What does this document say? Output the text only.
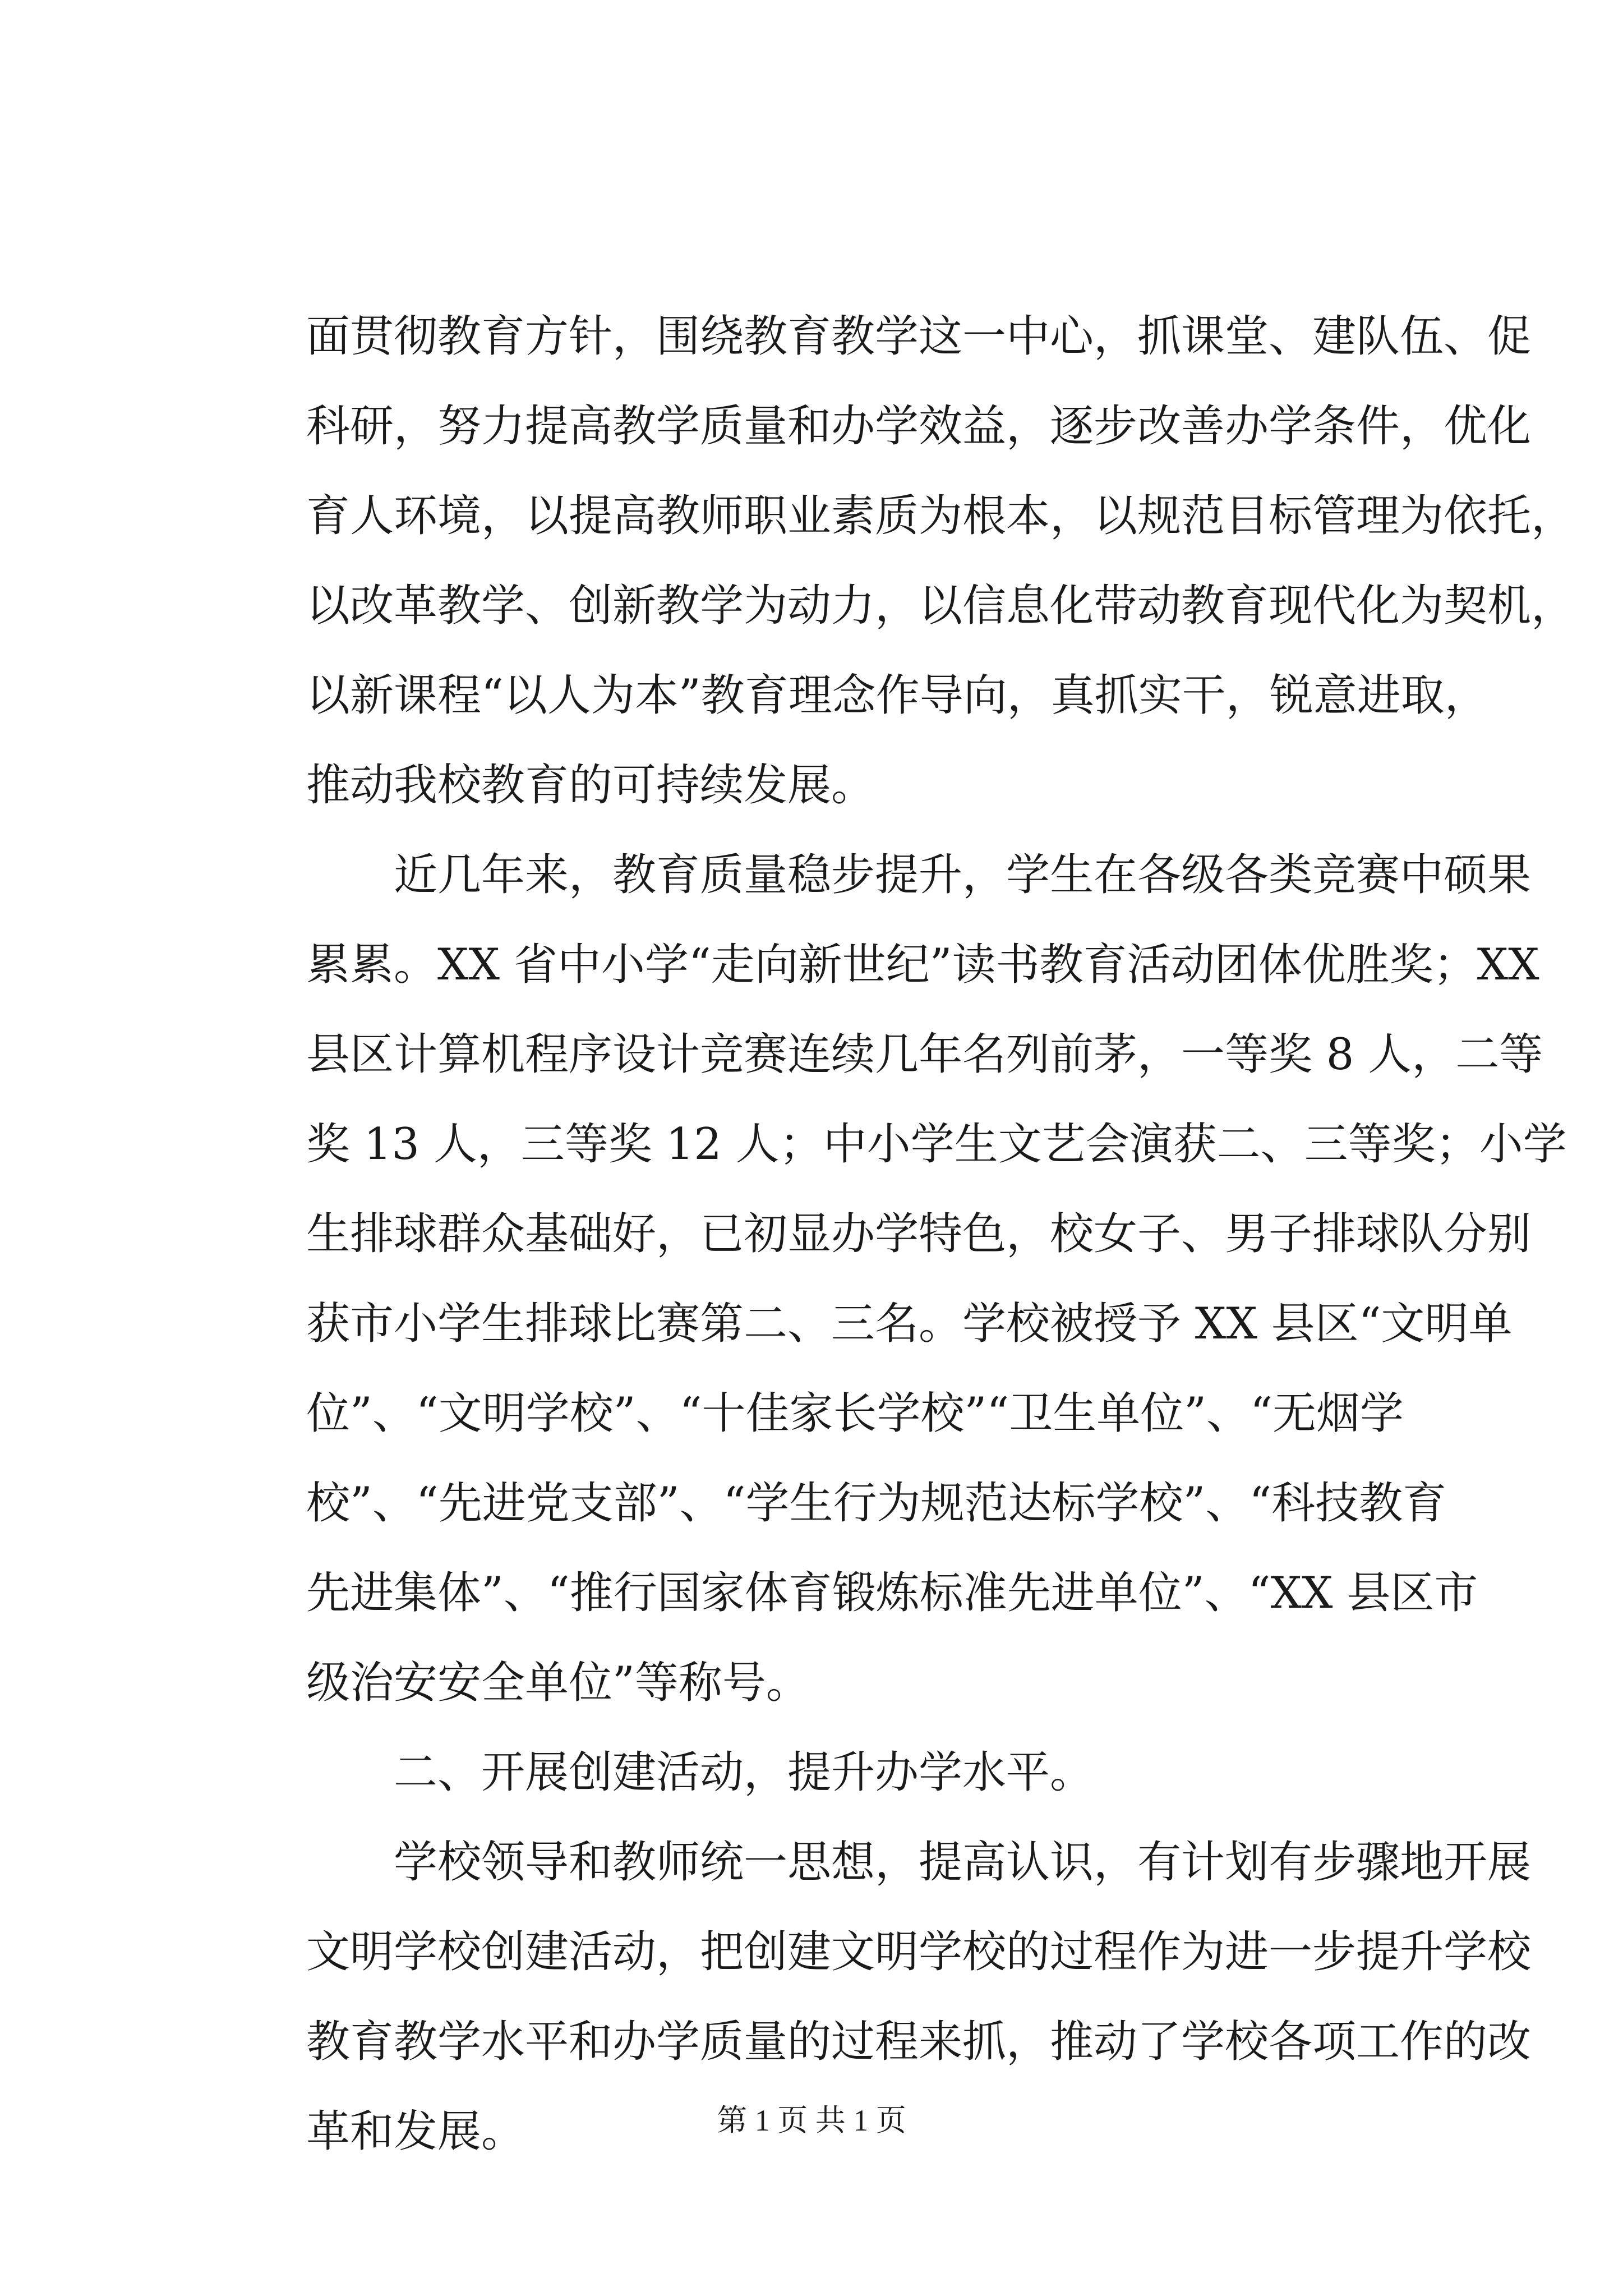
面贯彻教育方针，围绕教育教学这一中心，抓课堂、建队伍、促
科研，努力提高教学质量和办学效益，逐步改善办学条件，优化
育人环境，以提高教师职业素质为根本，以规范目标管理为依托，
以改革教学、创新教学为动力，以信息化带动教育现代化为契机，
以新课程“以人为本”教育理念作导向，真抓实干，锐意进取，
推动我校教育的可持续发展。
近几年来，教育质量稳步提升，学生在各级各类竞赛中硕果
累累。XX 省中小学“走向新世纪”读书教育活动团体优胜奖；XX
县区计算机程序设计竞赛连续几年名列前茅，一等奖 8 人，二等
奖 13 人，三等奖 12 人；中小学生文艺会演获二、三等奖；小学
生排球群众基础好，已初显办学特色，校女子、男子排球队分别
获市小学生排球比赛第二、三名。学校被授予 XX 县区“文明单
位”、“文明学校”、“十佳家长学校”“卫生单位”、“无烟学
校”、“先进党支部”、“学生行为规范达标学校”、“科技教育
先进集体”、“推行国家体育锻炼标准先进单位”、“XX 县区市
级治安安全单位”等称号。
二、开展创建活动，提升办学水平。
学校领导和教师统一思想，提高认识，有计划有步骤地开展
文明学校创建活动，把创建文明学校的过程作为进一步提升学校
教育教学水平和办学质量的过程来抓，推动了学校各项工作的改
革和发展。	第 1 页 共 1 页
